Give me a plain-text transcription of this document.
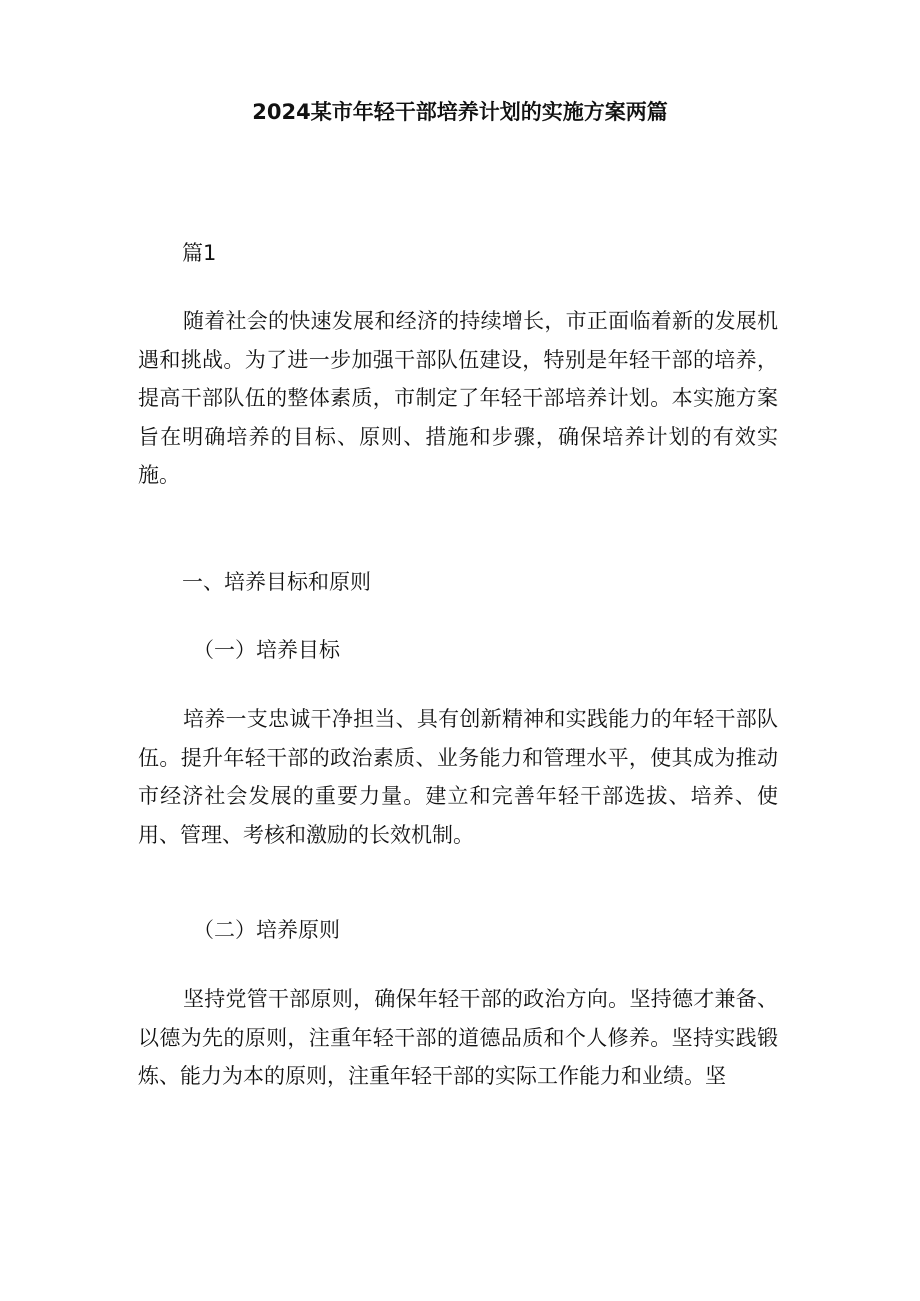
2024某市年轻干部培养计划的实施方案两篇
篇1

随着社会的快速发展和经济的持续增长，市正面临着新的发展机遇和挑战。为了进一步加强干部队伍建设，特别是年轻干部的培养，提高干部队伍的整体素质，市制定了年轻干部培养计划。本实施方案旨在明确培养的目标、原则、措施和步骤，确保培养计划的有效实施。

一、培养目标和原则
（一）培养目标

培养一支忠诚干净担当、具有创新精神和实践能力的年轻干部队伍。提升年轻干部的政治素质、业务能力和管理水平，使其成为推动市经济社会发展的重要力量。建立和完善年轻干部选拔、培养、使用、管理、考核和激励的长效机制。

（二）培养原则

坚持党管干部原则，确保年轻干部的政治方向。坚持德才兼备、以德为先的原则，注重年轻干部的道德品质和个人修养。坚持实践锻炼、能力为本的原则，注重年轻干部的实际工作能力和业绩。坚
